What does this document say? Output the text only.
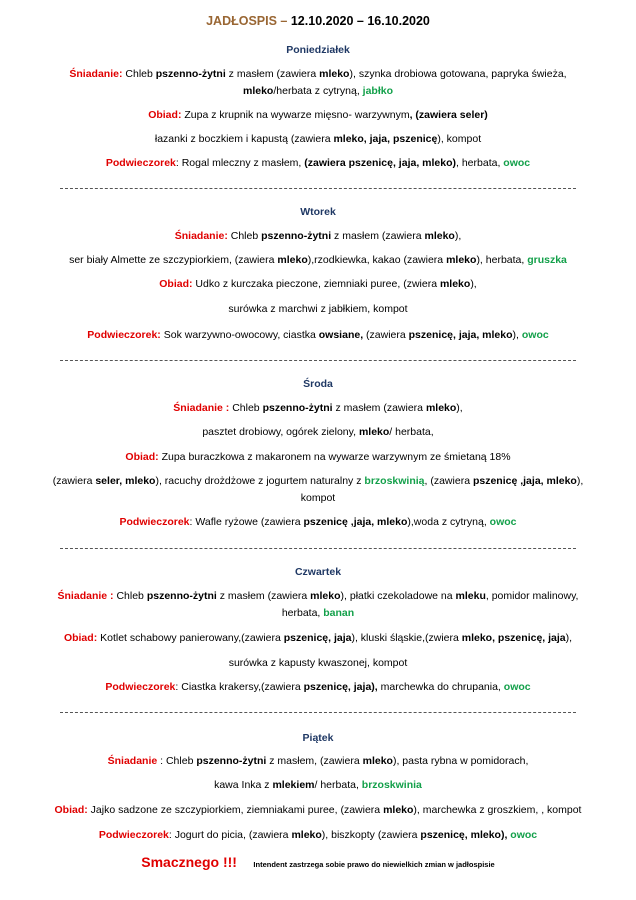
JADŁOSPIS – 12.10.2020 – 16.10.2020
Poniedziałek
Śniadanie: Chleb pszenno-żytni z masłem (zawiera mleko), szynka drobiowa gotowana, papryka świeża,
mleko/herbata z cytryną, jabłko
Obiad: Zupa z krupnik na wywarze mięsno- warzywnym, (zawiera seler)
łazanki z boczkiem i kapustą (zawiera mleko, jaja, pszenicę), kompot
Podwieczorek: Rogal mleczny z masłem, (zawiera pszenicę, jaja, mleko), herbata, owoc
Wtorek
Śniadanie: Chleb pszenno-żytni z masłem (zawiera mleko),
ser biały Almette ze szczypiorkiem, (zawiera mleko),rzodkiewka, kakao (zawiera mleko), herbata, gruszka
Obiad: Udko z kurczaka pieczone, ziemniaki puree, (zwiera mleko),
surówka z marchwi z jabłkiem, kompot
Podwieczorek: Sok warzywno-owocowy, ciastka owsiane, (zawiera pszenicę, jaja, mleko), owoc
Środa
Śniadanie : Chleb pszenno-żytni z masłem (zawiera mleko),
pasztet drobiowy, ogórek zielony, mleko/ herbata,
Obiad: Zupa buraczkowa z makaronem na wywarze warzywnym ze śmietaną 18%
(zawiera seler, mleko), racuchy drożdżowe z jogurtem naturalny z brzoskwinią, (zawiera pszenicę ,jaja, mleko),
kompot
Podwieczorek: Wafle ryżowe (zawiera pszenicę ,jaja, mleko),woda z cytryną, owoc
Czwartek
Śniadanie : Chleb pszenno-żytni z masłem (zawiera mleko), płatki czekoladowe na mleku, pomidor malinowy,
herbata, banan
Obiad: Kotlet schabowy panierowany,(zawiera pszenicę, jaja), kluski śląskie,(zwiera mleko, pszenicę, jaja),
surówka z kapusty kwaszonej, kompot
Podwieczorek: Ciastka krakersy,(zawiera pszenicę, jaja), marchewka do chrupania, owoc
Piątek
Śniadanie : Chleb pszenno-żytni z masłem, (zawiera mleko), pasta rybna w pomidorach,
kawa Inka z mlekiem/ herbata, brzoskwinia
Obiad: Jajko sadzone ze szczypiorkiem, ziemniakami puree, (zawiera mleko), marchewka z groszkiem, , kompot
Podwieczorek: Jogurt do picia, (zawiera mleko), biszkopty (zawiera pszenicę, mleko), owoc
Smacznego !!! Intendent zastrzega sobie prawo do niewielkich zmian w jadłospisie
